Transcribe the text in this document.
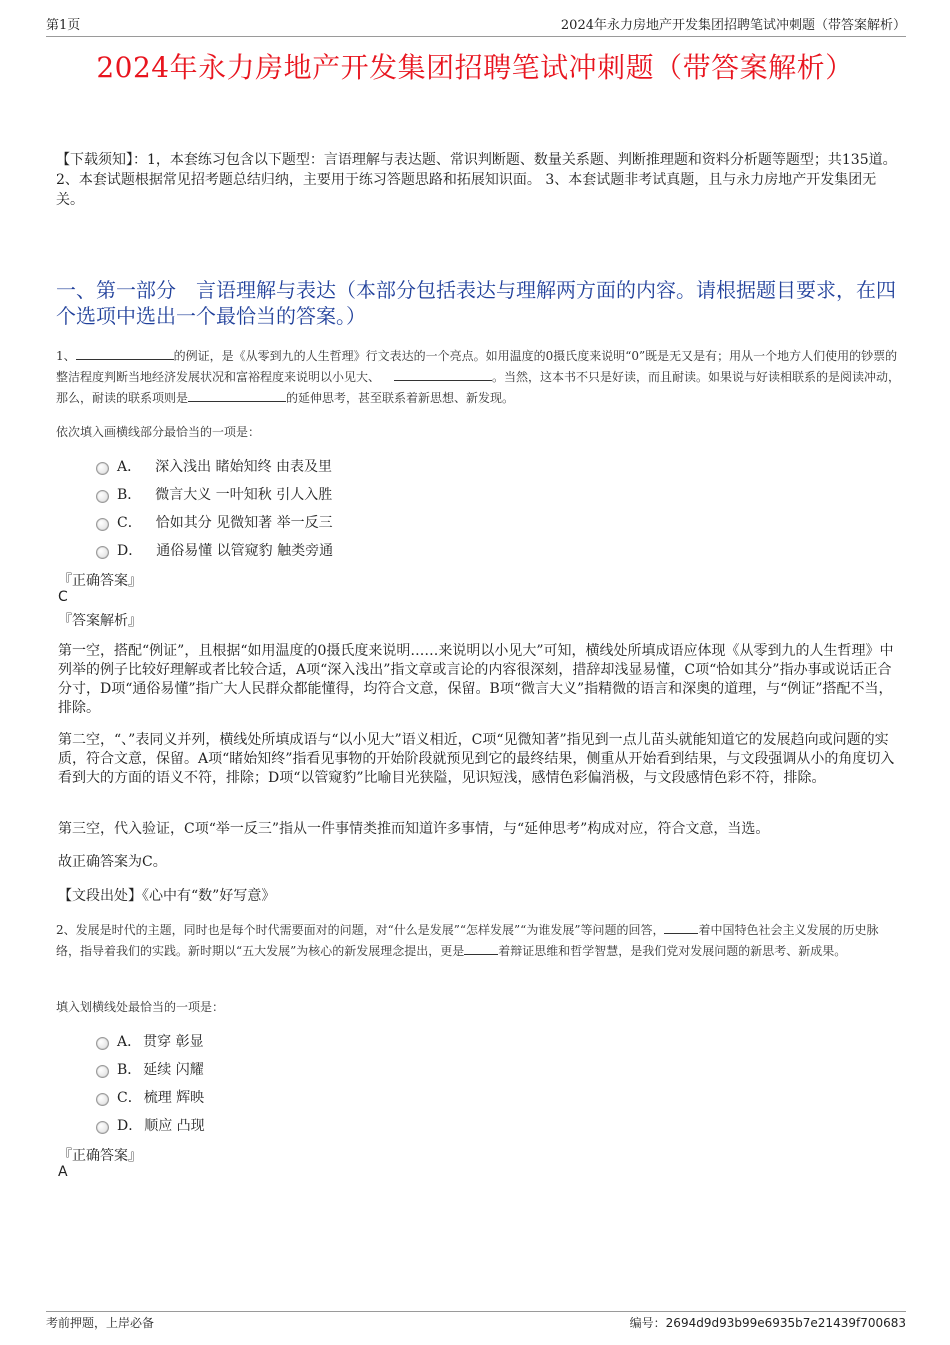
第1页	2024年永力房地产开发集团招聘笔试冲刺题（带答案解析）
2024年永力房地产开发集团招聘笔试冲刺题（带答案解析）
【下载须知】：1，本套练习包含以下题型：言语理解与表达题、常识判断题、数量关系题、判断推理题和资料分析题等题型；共135道。 2、本套试题根据常见招考题总结归纳，主要用于练习答题思路和拓展知识面。 3、本套试题非考试真题，且与永力房地产开发集团无关。
一、第一部分　言语理解与表达（本部分包括表达与理解两方面的内容。请根据题目要求，在四个选项中选出一个最恰当的答案。）
1、	的例证，是《从零到九的人生哲理》行文表达的一个亮点。如用温度的0摄氏度来说明“0”既是无又是有；用从一个地方人们使用的钞票的整洁程度判断当地经济发展状况和富裕程度来说明以小见大、	。当然，这本书不只是好读，而且耐读。如果说与好读相联系的是阅读冲动，那么，耐读的联系项则是	的延伸思考，甚至联系着新思想、新发现。
依次填入画横线部分最恰当的一项是：
A． 深入浅出 睹始知终 由表及里
B． 微言大义 一叶知秋 引人入胜
C． 恰如其分 见微知著 举一反三
D． 通俗易懂 以管窥豹 触类旁通
『正确答案』
C
『答案解析』
第一空，搭配“例证”，且根据“如用温度的0摄氏度来说明……来说明以小见大”可知，横线处所填成语应体现《从零到九的人生哲理》中列举的例子比较好理解或者比较合适，A项“深入浅出”指文章或言论的内容很深刻，措辞却浅显易懂，C项“恰如其分”指办事或说话正合分寸，D项“通俗易懂”指广大人民群众都能懂得，均符合文意，保留。B项“微言大义”指精微的语言和深奥的道理，与“例证”搭配不当，排除。
第二空，“、”表同义并列，横线处所填成语与“以小见大”语义相近，C项“见微知著”指见到一点儿苗头就能知道它的发展趋向或问题的实质，符合文意，保留。A项“睹始知终”指看见事物的开始阶段就预见到它的最终结果，侧重从开始看到结果，与文段强调从小的角度切入看到大的方面的语义不符，排除；D项“以管窥豹”比喻目光狭隘，见识短浅，感情色彩偏消极，与文段感情色彩不符，排除。
第三空，代入验证，C项“举一反三”指从一件事情类推而知道许多事情，与“延伸思考”构成对应，符合文意，当选。
故正确答案为C。
【文段出处】《心中有“数”好写意》
2、发展是时代的主题，同时也是每个时代需要面对的问题，对“什么是发展”“怎样发展”“为谁发展”等问题的回答，	着中国特色社会主义发展的历史脉络，指导着我们的实践。新时期以“五大发展”为核心的新发展理念提出，更是	着辩证思维和哲学智慧，是我们党对发展问题的新思考、新成果。
填入划横线处最恰当的一项是：
A． 贯穿 彰显
B． 延续 闪耀
C． 梳理 辉映
D． 顺应 凸现
『正确答案』
A
考前押题，上岸必备	编号：2694d9d93b99e6935b7e21439f700683
